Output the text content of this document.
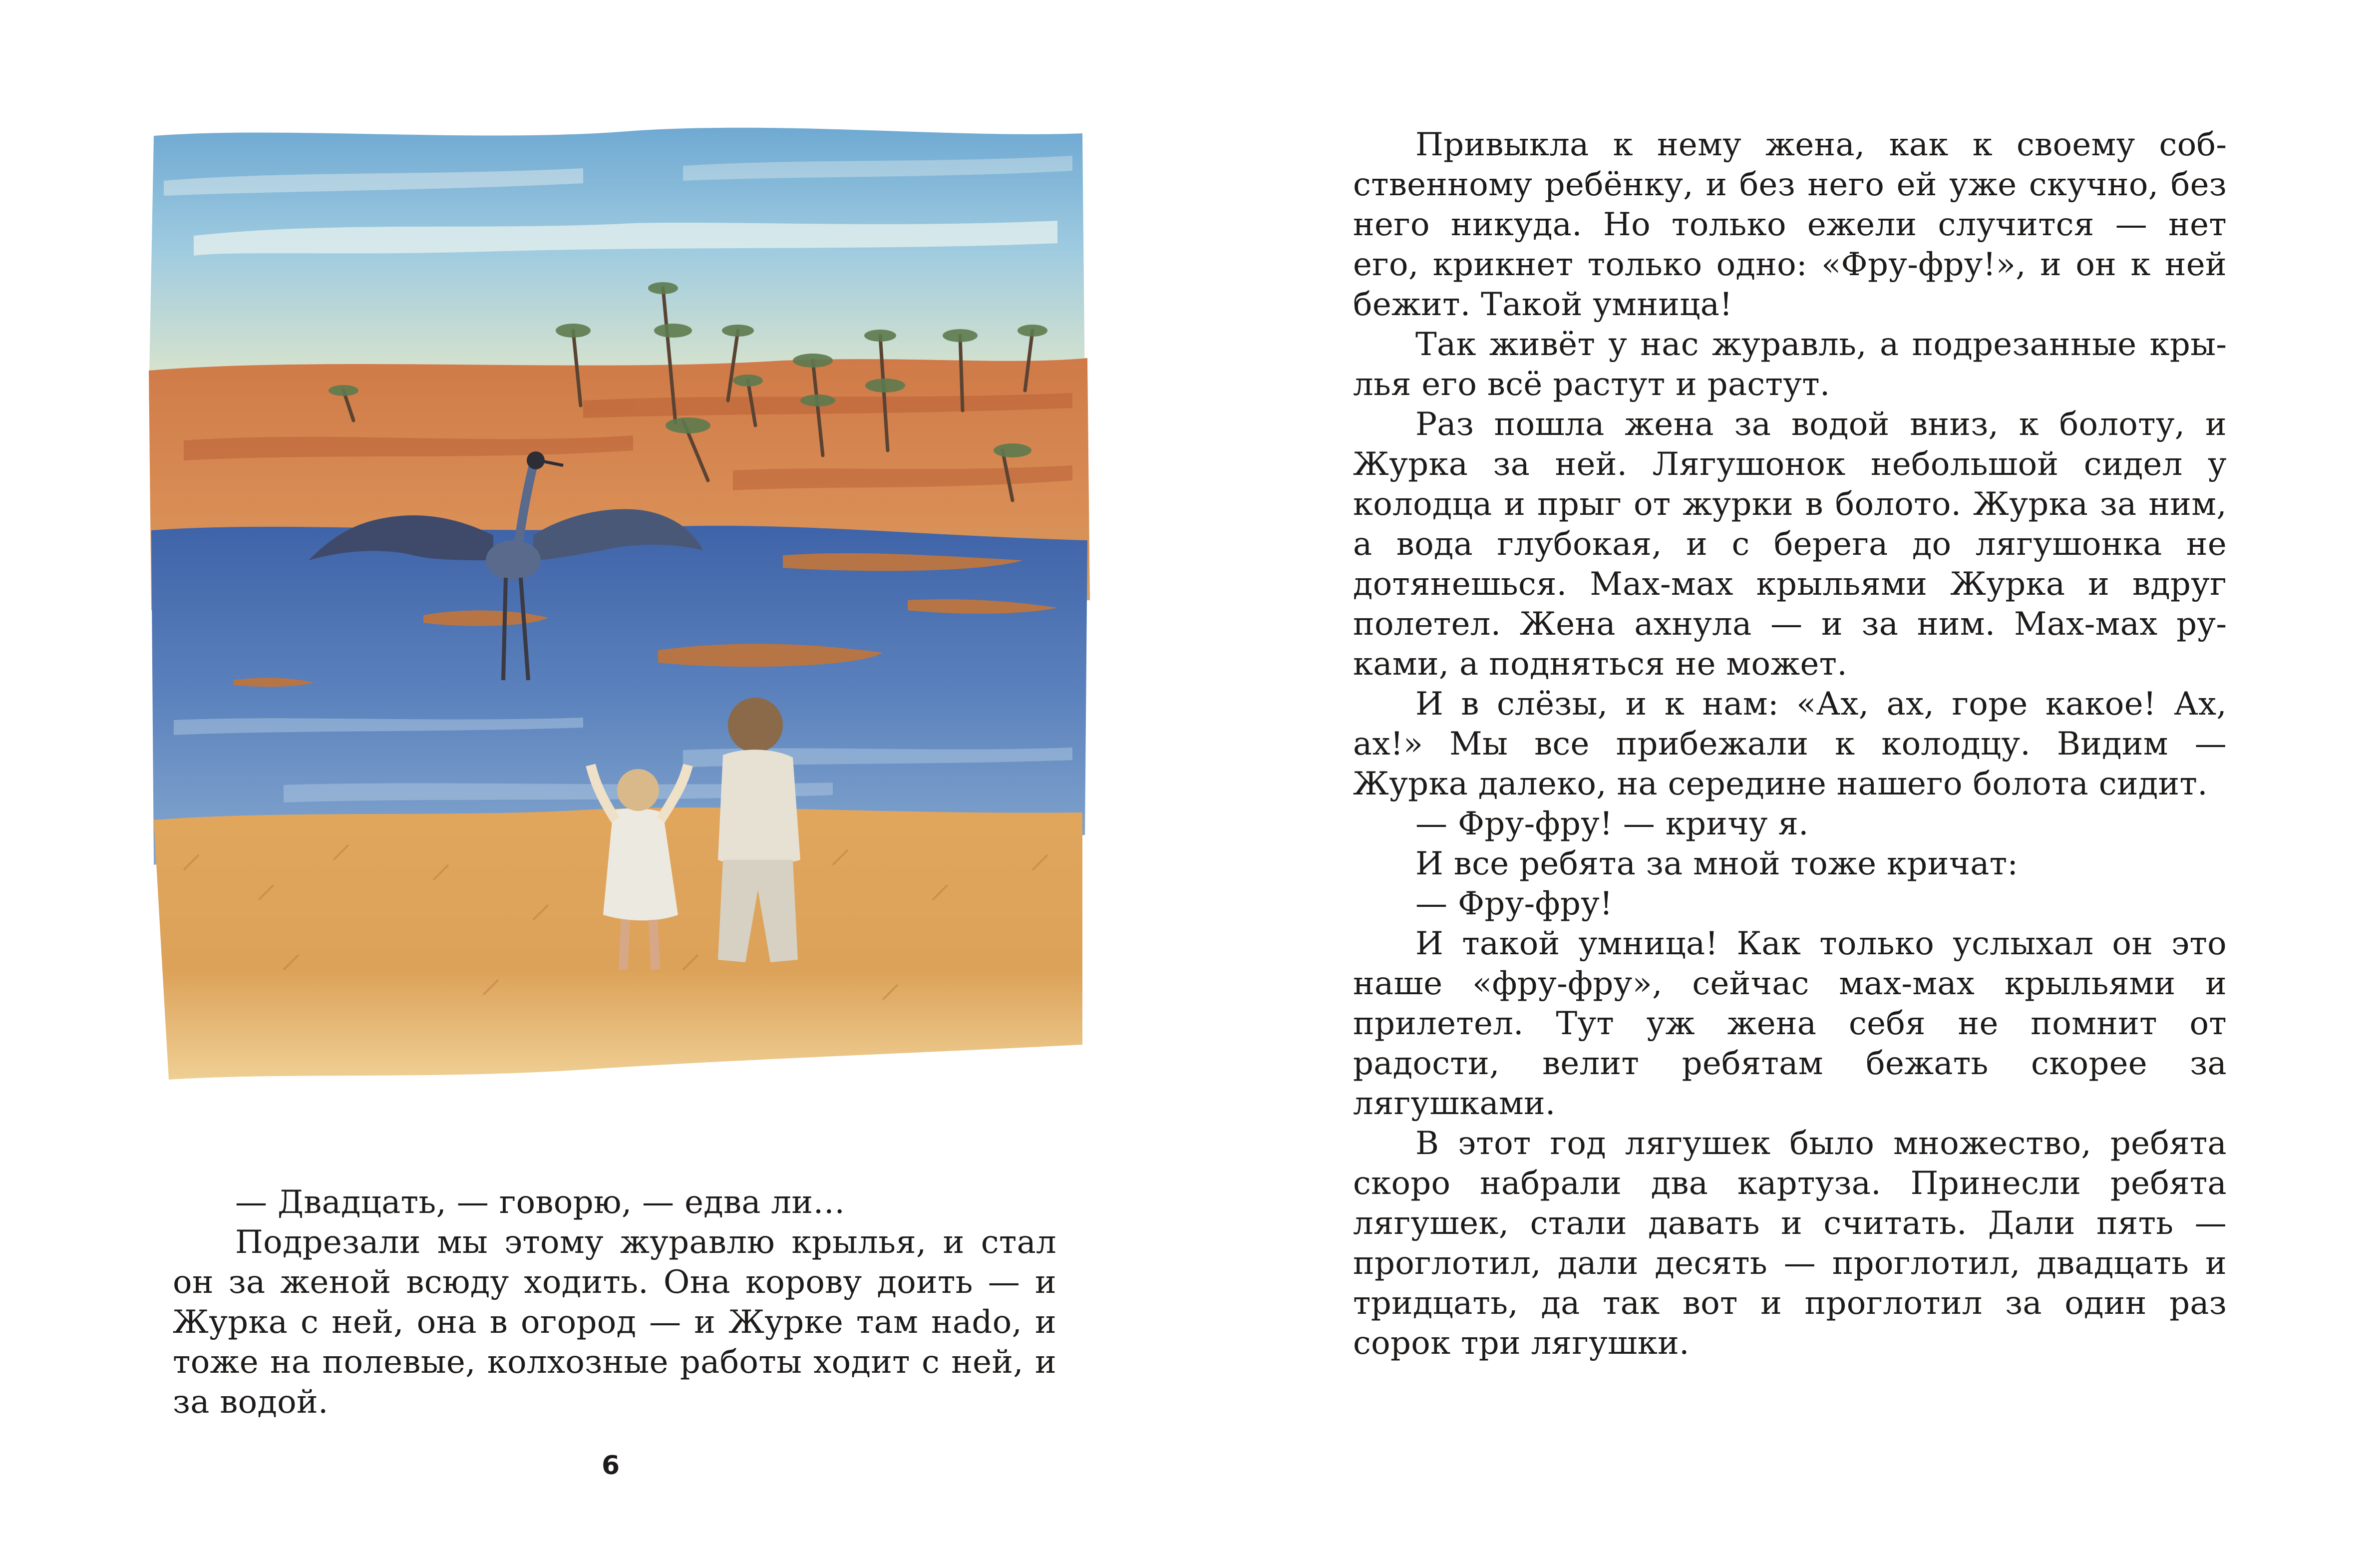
— Двадцать, — говорю, — едва ли…

Подрезали мы этому журавлю крылья, и стал он за женой всюду ходить. Она корову доить — и Журка с ней, она в огород — и Журке там наdо, и тоже на полевые, колхозные работы ходит с ней, и за водой.

6

Привыкла к нему жена, как к своему собственному ребёнку, и без него ей уже скучно, без него никуда. Но только ежели случится — нет его, крикнет только одно: «Фру-фру!», и он к ней бежит. Такой умница!

Так живёт у нас журавль, а подрезанные крылья его всё растут и растут.

Раз пошла жена за водой вниз, к болоту, и Журка за ней. Лягушонок небольшой сидел у колодца и прыг от журки в болото. Журка за ним, а вода глубокая, и с берега до лягушонка не дотянешься. Мах-мах крыльями Журка и вдруг полетел. Жена ахнула — и за ним. Мах-мах руками, а подняться не может.

И в слёзы, и к нам: «Ах, ах, горе какое! Ах, ах!» Мы все прибежали к колодцу. Видим — Журка далеко, на середине нашего болота сидит.

— Фру-фру! — кричу я.

И все ребята за мной тоже кричат:

— Фру-фру!

И такой умница! Как только услыхал он это наше «фру-фру», сейчас мах-мах крыльями и прилетел. Тут уж жена себя не помнит от радости, велит ребятам бежать скорее за лягушками.

В этот год лягушек было множество, ребята скоро набрали два картуза. Принесли ребята лягушек, стали давать и считать. Дали пять — проглотил, дали десять — проглотил, двадцать и тридцать, да так вот и проглотил за один раз сорок три лягушки.
